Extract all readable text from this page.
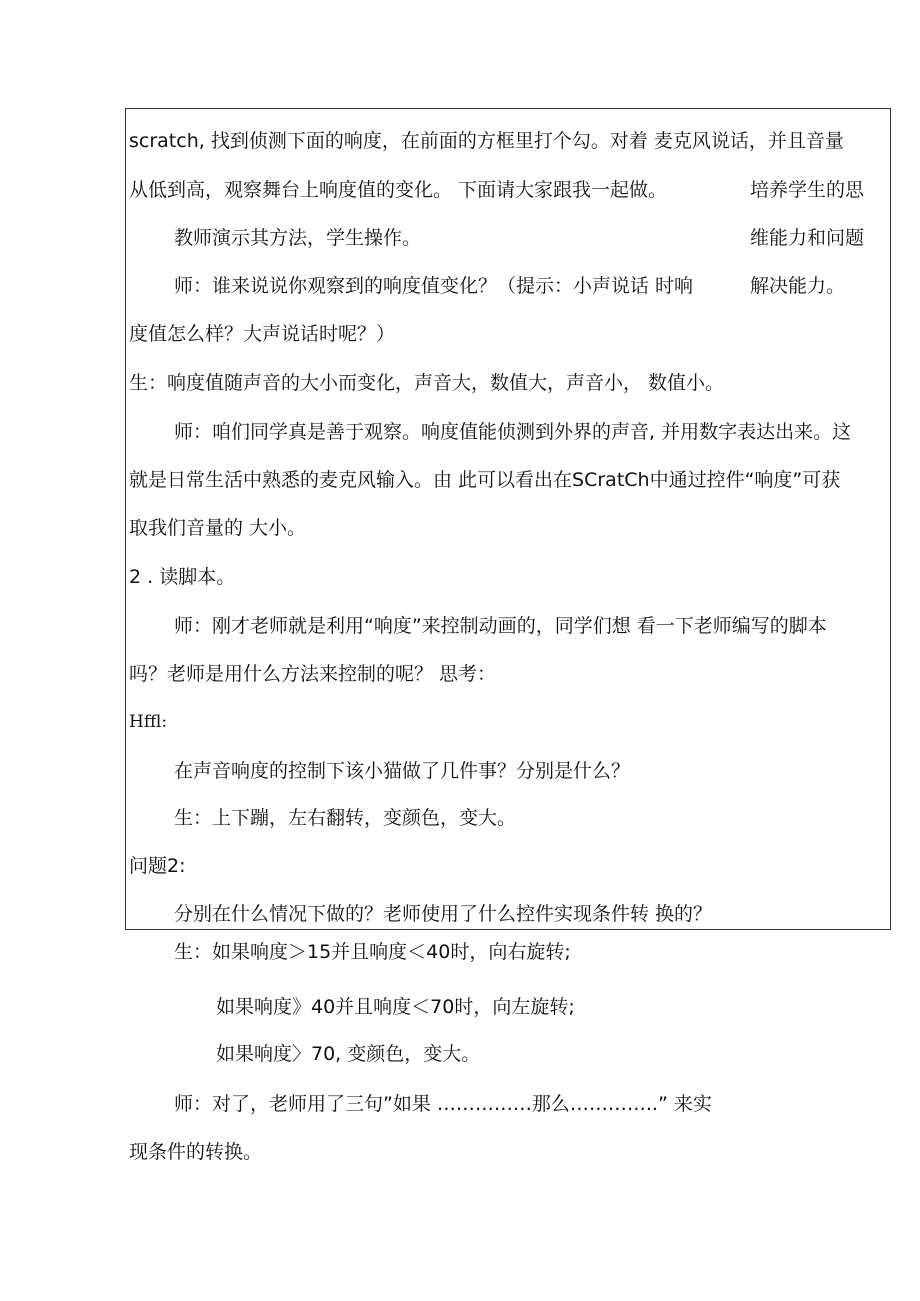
scratch, 找到侦测下面的响度，在前面的方框里打个勾。对着 麦克风说话，并且音量
从低到高，观察舞台上响度值的变化。 下面请大家跟我一起做。
教师演示其方法，学生操作。
师：谁来说说你观察到的响度值变化？（提示：小声说话 时响
度值怎么样？大声说话时呢？）
生：响度值随声音的大小而变化，声音大，数值大，声音小， 数值小。
师：咱们同学真是善于观察。响度值能侦测到外界的声音, 并用数字表达出来。这
就是日常生活中熟悉的麦克风输入。由 此可以看出在SCratCh中通过控件“响度”可获
取我们音量的 大小。
2 . 读脚本。
师：刚才老师就是利用“响度”来控制动画的，同学们想 看一下老师编写的脚本
吗？老师是用什么方法来控制的呢？ 思考：
Hffl:
在声音响度的控制下该小猫做了几件事？分别是什么？
生：上下蹦，左右翻转，变颜色，变大。
问题2:
分别在什么情况下做的？老师使用了什么控件实现条件转 换的？
生：如果响度＞15并且响度＜40时，向右旋转;
如果响度》40并且响度＜70时，向左旋转;
如果响度〉70, 变颜色，变大。
师：对了，老师用了三句”如果 ……………那么…………..” 来实
现条件的转换。
培养学生的思
维能力和问题
解决能力。
